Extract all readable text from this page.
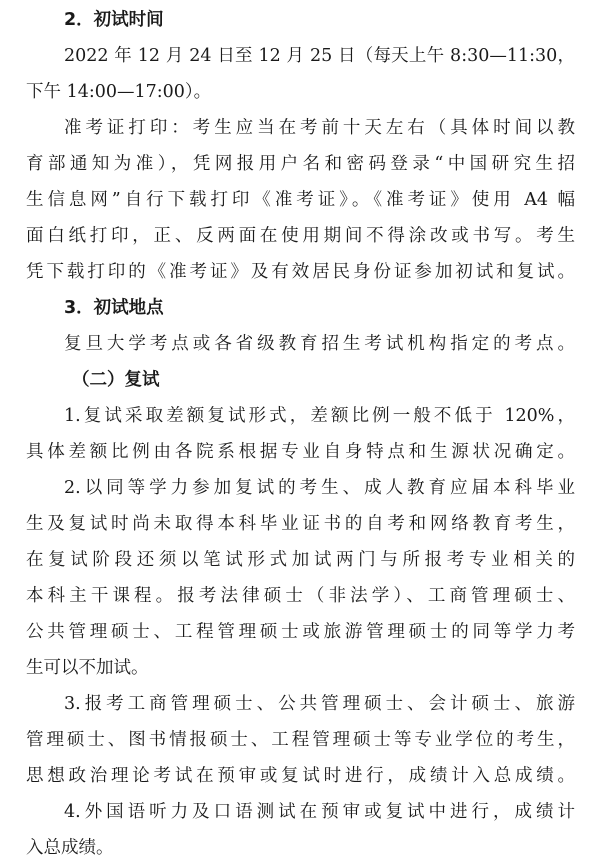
2．初试时间
2022 年 12 月 24 日至 12 月 25 日（每天上午 8:30—11:30，
下午 14:00—17:00）。
准考证打印：考生应当在考前十天左右（具体时间以教
育部通知为准），凭网报用户名和密码登录“中国研究生招
生信息网”自行下载打印《准考证》。《准考证》使用 A4 幅
面白纸打印，正、反两面在使用期间不得涂改或书写。考生
凭下载打印的《准考证》及有效居民身份证参加初试和复试。
3．初试地点
复旦大学考点或各省级教育招生考试机构指定的考点。
（二）复试
1.复试采取差额复试形式，差额比例一般不低于 120%，
具体差额比例由各院系根据专业自身特点和生源状况确定。
2.以同等学力参加复试的考生、成人教育应届本科毕业
生及复试时尚未取得本科毕业证书的自考和网络教育考生，
在复试阶段还须以笔试形式加试两门与所报考专业相关的
本科主干课程。报考法律硕士（非法学）、工商管理硕士、
公共管理硕士、工程管理硕士或旅游管理硕士的同等学力考
生可以不加试。
3.报考工商管理硕士、公共管理硕士、会计硕士、旅游
管理硕士、图书情报硕士、工程管理硕士等专业学位的考生，
思想政治理论考试在预审或复试时进行，成绩计入总成绩。
4.外国语听力及口语测试在预审或复试中进行，成绩计
入总成绩。
